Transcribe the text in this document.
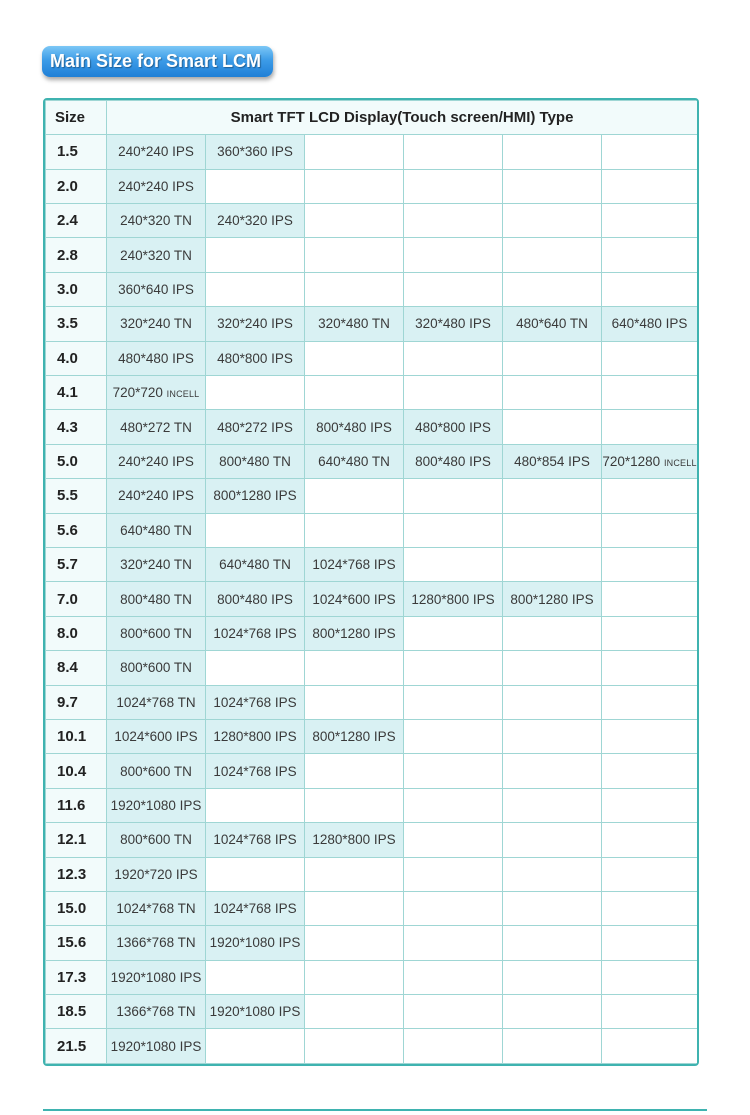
Main Size for Smart LCM
Size	Smart TFT LCD Display(Touch screen/HMI) Type					
1.5	240*240 IPS	360*360 IPS				
2.0	240*240 IPS					
2.4	240*320 TN	240*320 IPS				
2.8	240*320 TN					
3.0	360*640 IPS					
3.5	320*240 TN	320*240 IPS	320*480 TN	320*480 IPS	480*640 TN	640*480 IPS
4.0	480*480 IPS	480*800 IPS				
4.1	720*720 INCELL					
4.3	480*272 TN	480*272 IPS	800*480 IPS	480*800 IPS		
5.0	240*240 IPS	800*480 TN	640*480 TN	800*480 IPS	480*854 IPS	720*1280 INCELL
5.5	240*240 IPS	800*1280 IPS				
5.6	640*480 TN					
5.7	320*240 TN	640*480 TN	1024*768 IPS			
7.0	800*480 TN	800*480 IPS	1024*600 IPS	1280*800 IPS	800*1280 IPS	
8.0	800*600 TN	1024*768 IPS	800*1280 IPS			
8.4	800*600 TN					
9.7	1024*768 TN	1024*768 IPS				
10.1	1024*600 IPS	1280*800 IPS	800*1280 IPS			
10.4	800*600 TN	1024*768 IPS				
11.6	1920*1080 IPS					
12.1	800*600 TN	1024*768 IPS	1280*800 IPS			
12.3	1920*720 IPS					
15.0	1024*768 TN	1024*768 IPS				
15.6	1366*768 TN	1920*1080 IPS				
17.3	1920*1080 IPS					
18.5	1366*768 TN	1920*1080 IPS				
21.5	1920*1080 IPS					
